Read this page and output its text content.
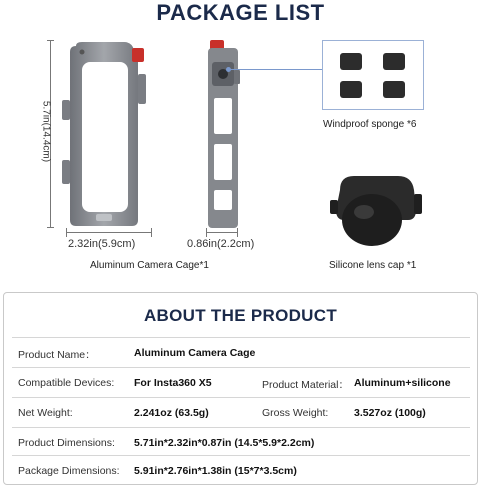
PACKAGE LIST
5.7in(14.4cm)	Windproof sponge *6
2.32in(5.9cm)	0.86in(2.2cm)
Aluminum Camera Cage*1	Silicone lens cap *1
ABOUT THE PRODUCT
Product Name：	Aluminum Camera Cage
Compatible Devices: For Insta360 X5	Product Material： Aluminum+silicone
Net Weight:	2.241oz (63.5g)	Gross Weight: 3.527oz (100g)
Product Dimensions: 5.71in*2.32in*0.87in (14.5*5.9*2.2cm)
Package Dimensions: 5.91in*2.76in*1.38in (15*7*3.5cm)
